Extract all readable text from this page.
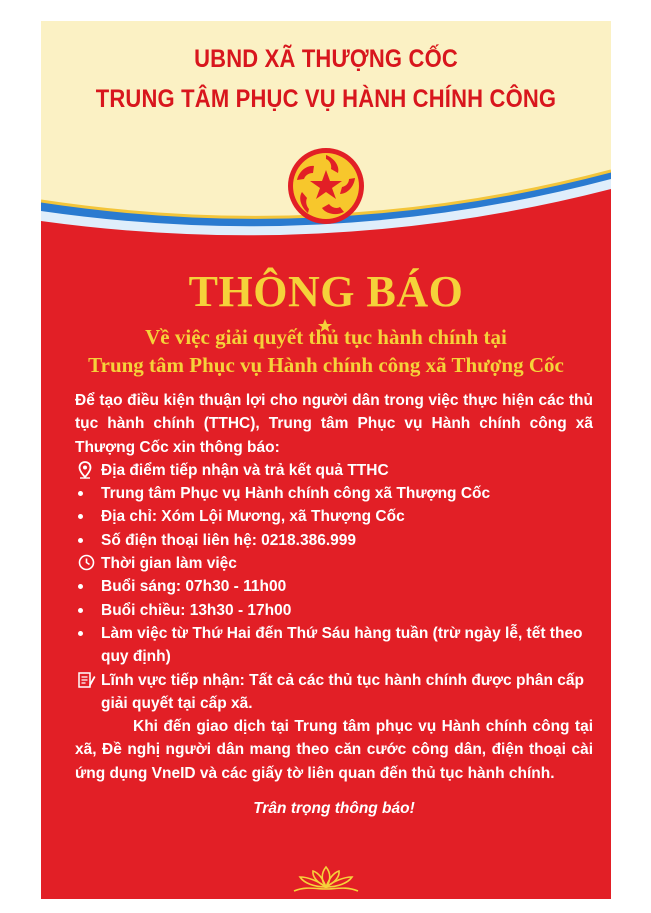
UBND XÃ THƯỢNG CỐC
TRUNG TÂM PHỤC VỤ HÀNH CHÍNH CÔNG
THÔNG BÁO
Về việc giải quyết thủ tục hành chính tại
Trung tâm Phục vụ Hành chính công xã Thượng Cốc
Để tạo điều kiện thuận lợi cho người dân trong việc thực hiện các thủ tục hành chính (TTHC), Trung tâm Phục vụ Hành chính công xã Thượng Cốc xin thông báo:
Địa điểm tiếp nhận và trả kết quả TTHC
Trung tâm Phục vụ Hành chính công xã Thượng Cốc
Địa chỉ: Xóm Lội Mương, xã Thượng Cốc
Số điện thoại liên hệ: 0218.386.999
Thời gian làm việc
Buổi sáng: 07h30 - 11h00
Buổi chiều: 13h30 - 17h00
Làm việc từ Thứ Hai đến Thứ Sáu hàng tuần (trừ ngày lễ, tết theo quy định)
Lĩnh vực tiếp nhận: Tất cả các thủ tục hành chính được phân cấp giải quyết tại cấp xã.
Khi đến giao dịch tại Trung tâm phục vụ Hành chính công tại xã, Đề nghị người dân mang theo căn cước công dân, điện thoại cài ứng dụng VneID và các giấy tờ liên quan đến thủ tục hành chính.
Trân trọng thông báo!
